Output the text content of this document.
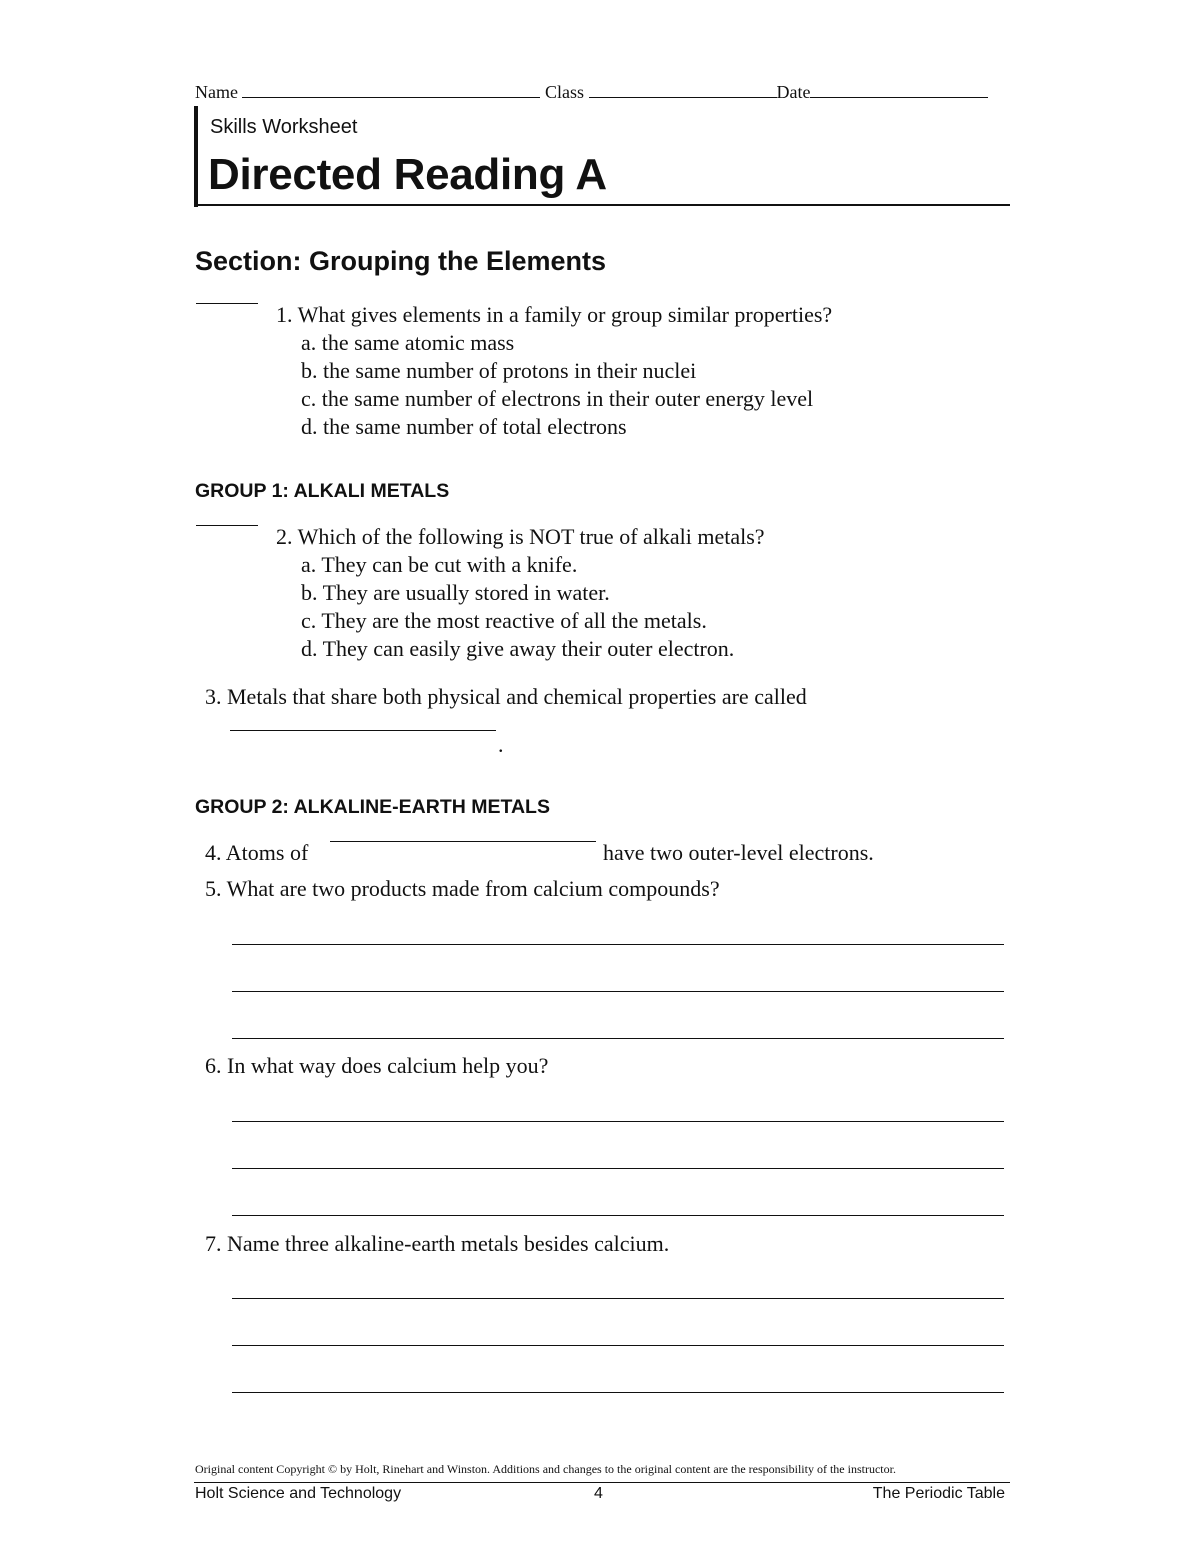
Name	Class	Date
Skills Worksheet
Directed Reading A
Section: Grouping the Elements
1. What gives elements in a family or group similar properties?
a. the same atomic mass
b. the same number of protons in their nuclei
c. the same number of electrons in their outer energy level
d. the same number of total electrons
GROUP 1: ALKALI METALS
2. Which of the following is NOT true of alkali metals?
a. They can be cut with a knife.
b. They are usually stored in water.
c. They are the most reactive of all the metals.
d. They can easily give away their outer electron.
3. Metals that share both physical and chemical properties are called
.
GROUP 2: ALKALINE-EARTH METALS
4. Atoms of	have two outer-level electrons.
5. What are two products made from calcium compounds?
6. In what way does calcium help you?
7. Name three alkaline-earth metals besides calcium.
Original content Copyright © by Holt, Rinehart and Winston. Additions and changes to the original content are the responsibility of the instructor.
Holt Science and Technology	4	The Periodic Table
